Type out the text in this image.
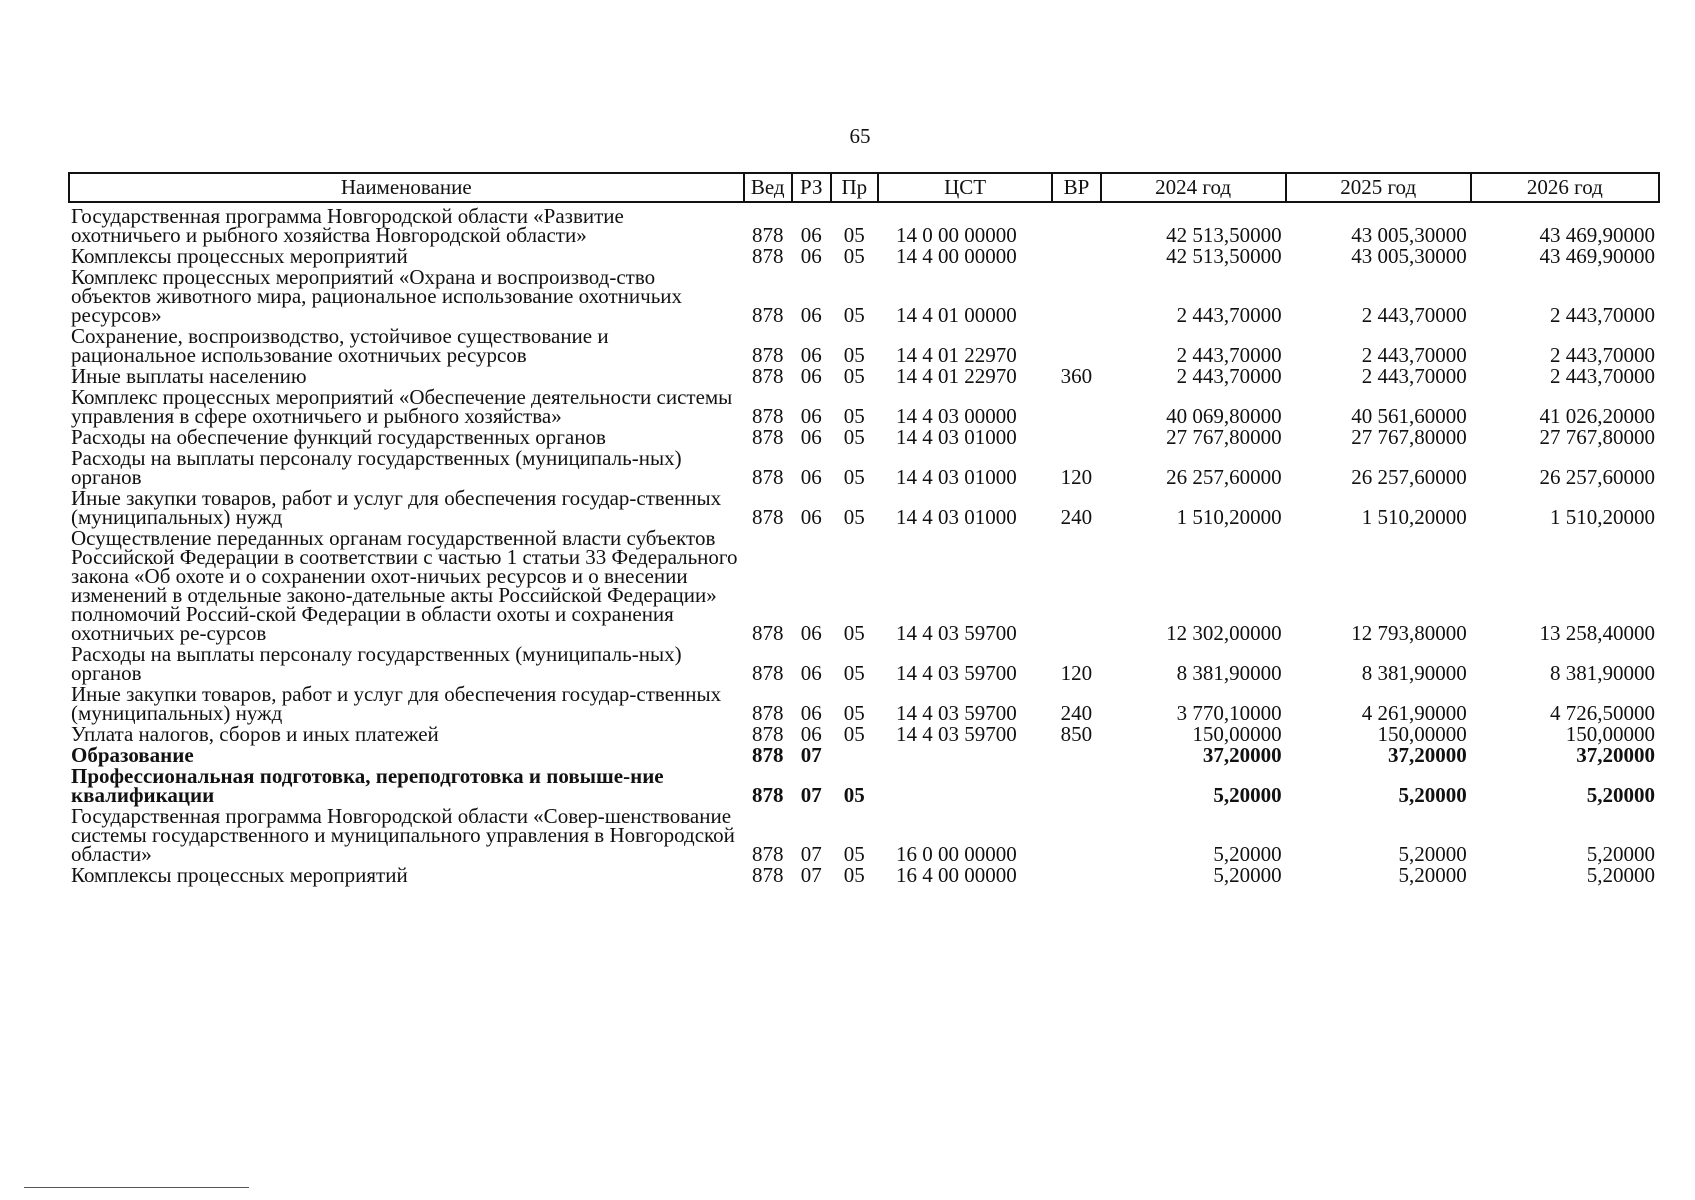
65
Наименование	Вед	РЗ	Пр	ЦСТ	ВР	2024 год	2025 год	2026 год
Государственная программа Новгородской области «Развитие охотничьего и рыбного хозяйства Новгородской области»	878	06	05	14 0 00 00000		42 513,50000	43 005,30000	43 469,90000
Комплексы процессных мероприятий	878	06	05	14 4 00 00000		42 513,50000	43 005,30000	43 469,90000
Комплекс процессных мероприятий «Охрана и воспроизвод-ство объектов животного мира, рациональное использование охотничьих ресурсов»	878	06	05	14 4 01 00000		2 443,70000	2 443,70000	2 443,70000
Сохранение, воспроизводство, устойчивое существование и рациональное использование охотничьих ресурсов	878	06	05	14 4 01 22970		2 443,70000	2 443,70000	2 443,70000
Иные выплаты населению	878	06	05	14 4 01 22970	360	2 443,70000	2 443,70000	2 443,70000
Комплекс процессных мероприятий «Обеспечение деятельности системы управления в сфере охотничьего и рыбного хозяйства»	878	06	05	14 4 03 00000		40 069,80000	40 561,60000	41 026,20000
Расходы на обеспечение функций государственных органов	878	06	05	14 4 03 01000		27 767,80000	27 767,80000	27 767,80000
Расходы на выплаты персоналу государственных (муниципаль-ных) органов	878	06	05	14 4 03 01000	120	26 257,60000	26 257,60000	26 257,60000
Иные закупки товаров, работ и услуг для обеспечения государ-ственных (муниципальных) нужд	878	06	05	14 4 03 01000	240	1 510,20000	1 510,20000	1 510,20000
Осуществление переданных органам государственной власти субъектов Российской Федерации в соответствии с частью 1 статьи 33 Федерального закона «Об охоте и о сохранении охот-ничьих ресурсов и о внесении изменений в отдельные законо-дательные акты Российской Федерации» полномочий Россий-ской Федерации в области охоты и сохранения охотничьих ре-сурсов	878	06	05	14 4 03 59700		12 302,00000	12 793,80000	13 258,40000
Расходы на выплаты персоналу государственных (муниципаль-ных) органов	878	06	05	14 4 03 59700	120	8 381,90000	8 381,90000	8 381,90000
Иные закупки товаров, работ и услуг для обеспечения государ-ственных (муниципальных) нужд	878	06	05	14 4 03 59700	240	3 770,10000	4 261,90000	4 726,50000
Уплата налогов, сборов и иных платежей	878	06	05	14 4 03 59700	850	150,00000	150,00000	150,00000
Образование	878	07				37,20000	37,20000	37,20000
Профессиональная подготовка, переподготовка и повыше-ние квалификации	878	07	05			5,20000	5,20000	5,20000
Государственная программа Новгородской области «Совер-шенствование системы государственного и муниципального управления в Новгородской области»	878	07	05	16 0 00 00000		5,20000	5,20000	5,20000
Комплексы процессных мероприятий	878	07	05	16 4 00 00000		5,20000	5,20000	5,20000
